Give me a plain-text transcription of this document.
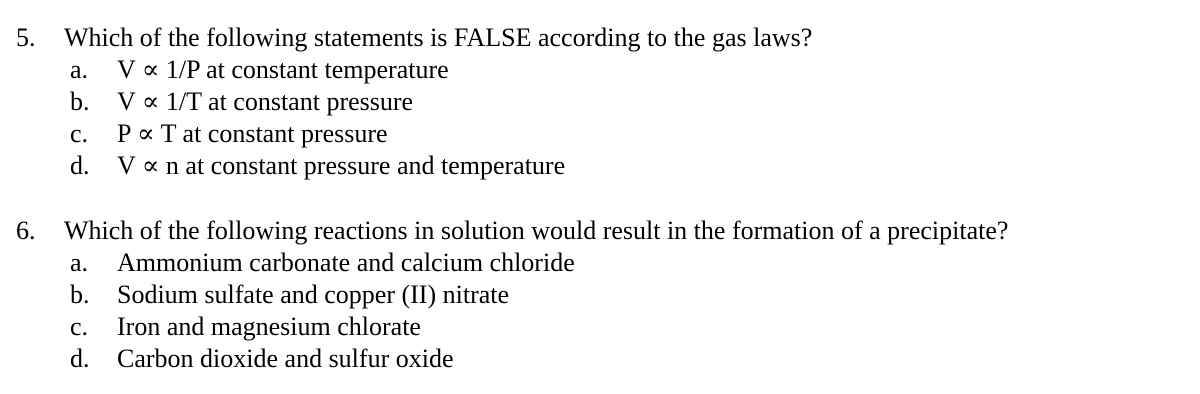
5.	Which of the following statements is FALSE according to the gas laws?
a.	V ∝ 1/P at constant temperature
b.	V ∝ 1/T at constant pressure
c.	P ∝ T at constant pressure
d.	V ∝ n at constant pressure and temperature
6.	Which of the following reactions in solution would result in the formation of a precipitate?
a.	Ammonium carbonate and calcium chloride
b.	Sodium sulfate and copper (II) nitrate
c.	Iron and magnesium chlorate
d.	Carbon dioxide and sulfur oxide
